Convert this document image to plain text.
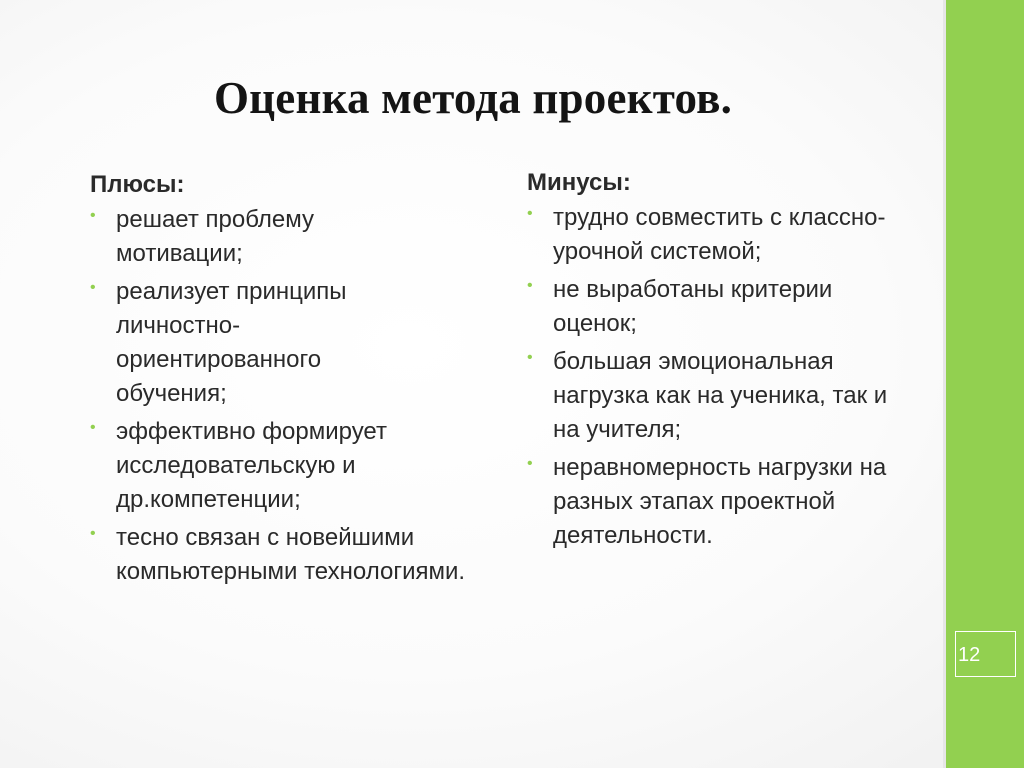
Оценка метода проектов.
Плюсы:
• решает проблему мотивации;
• реализует принципы личностно-ориентированного обучения;
• эффективно формирует исследовательскую и др.компетенции;
• тесно связан с новейшими компьютерными технологиями.
Минусы:
• трудно совместить с классно-урочной системой;
• не выработаны критерии оценок;
• большая эмоциональная нагрузка как на ученика, так и на учителя;
• неравномерность нагрузки на разных этапах проектной деятельности.
12
